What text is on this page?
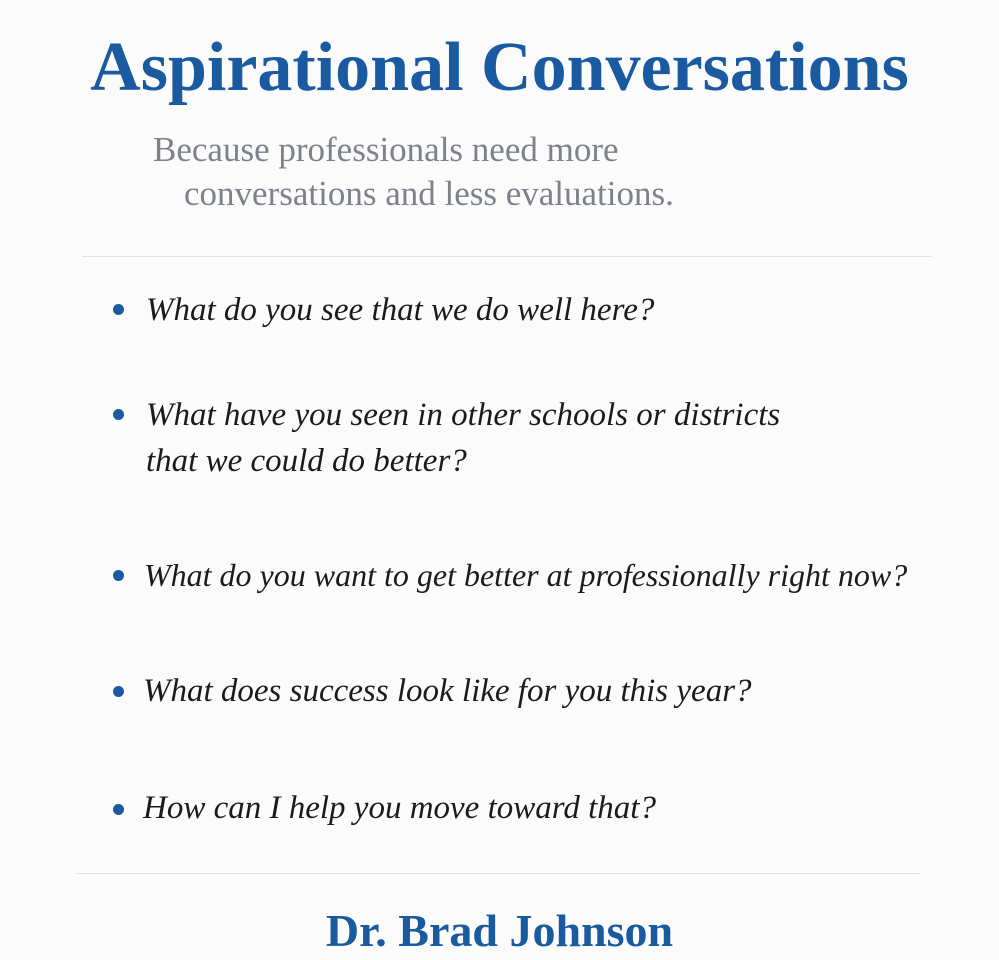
Aspirational Conversations
Because professionals need more
conversations and less evaluations.
What do you see that we do well here?
What have you seen in other schools or districts
that we could do better?
What do you want to get better at professionally right now?
What does success look like for you this year?
How can I help you move toward that?
Dr. Brad Johnson
